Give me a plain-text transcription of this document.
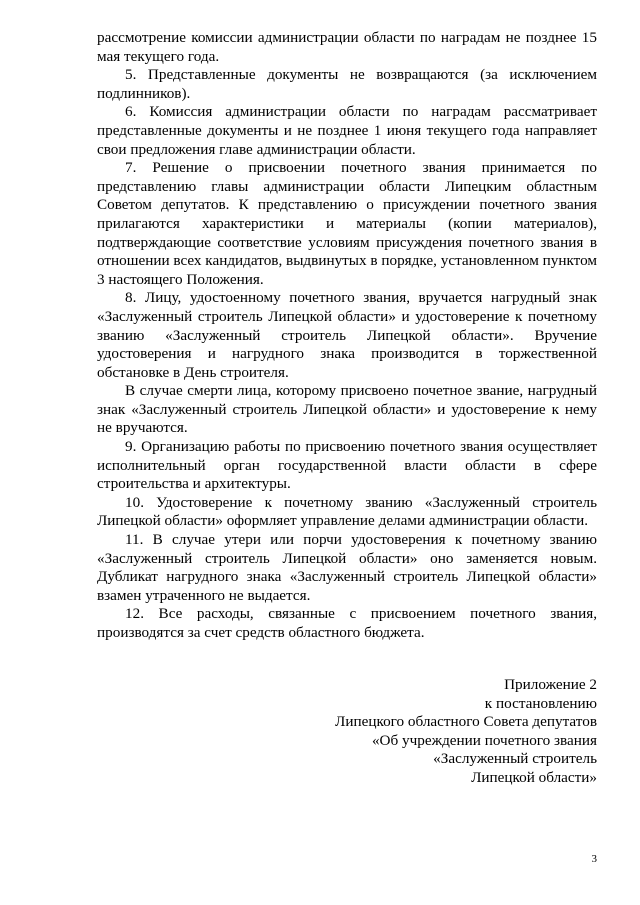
рассмотрение комиссии администрации области по наградам не позднее 15 мая текущего года.

5. Представленные документы не возвращаются (за исключением подлинников).

6. Комиссия администрации области по наградам рассматривает представленные документы и не позднее 1 июня текущего года направляет свои предложения главе администрации области.

7. Решение о присвоении почетного звания принимается по представлению главы администрации области Липецким областным Советом депутатов. К представлению о присуждении почетного звания прилагаются характеристики и материалы (копии материалов), подтверждающие соответствие условиям присуждения почетного звания в отношении всех кандидатов, выдвинутых в порядке, установленном пунктом 3 настоящего Положения.

8. Лицу, удостоенному почетного звания, вручается нагрудный знак «Заслуженный строитель Липецкой области» и удостоверение к почетному званию «Заслуженный строитель Липецкой области». Вручение удостоверения и нагрудного знака производится в торжественной обстановке в День строителя.

В случае смерти лица, которому присвоено почетное звание, нагрудный знак «Заслуженный строитель Липецкой области» и удостоверение к нему не вручаются.

9. Организацию работы по присвоению почетного звания осуществляет исполнительный орган государственной власти области в сфере строительства и архитектуры.

10. Удостоверение к почетному званию «Заслуженный строитель Липецкой области» оформляет управление делами администрации области.

11. В случае утери или порчи удостоверения к почетному званию «Заслуженный строитель Липецкой области» оно заменяется новым. Дубликат нагрудного знака «Заслуженный строитель Липецкой области» взамен утраченного не выдается.

12. Все расходы, связанные с присвоением почетного звания, производятся за счет средств областного бюджета.

Приложение 2
к постановлению
Липецкого областного Совета депутатов
«Об учреждении почетного звания
«Заслуженный строитель
Липецкой области»
3
